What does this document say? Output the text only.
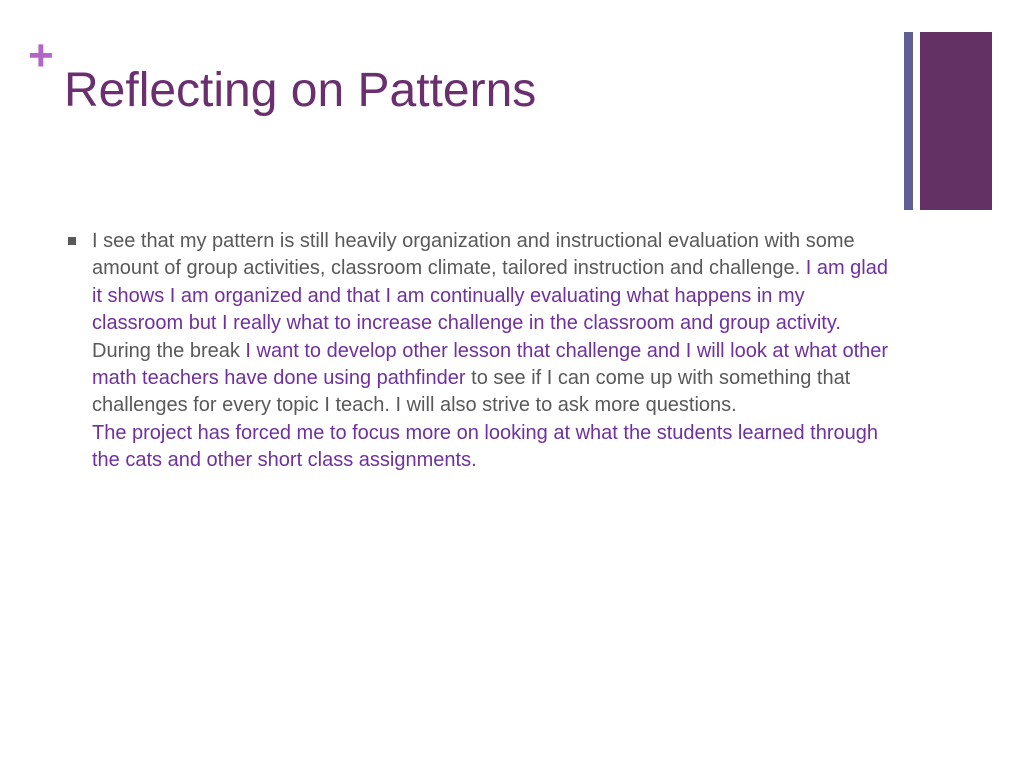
+
Reflecting on Patterns
I see that my pattern is still heavily organization and instructional evaluation with some amount of group activities, classroom climate, tailored instruction and challenge. I am glad it shows I am organized and that I am continually evaluating what happens in my classroom but I really what to increase challenge in the classroom and group activity.
During the break I want to develop other lesson that challenge and I will look at what other math teachers have done using pathfinder to see if I can come up with something that challenges for every topic I teach. I will also strive to ask more questions.
The project has forced me to focus more on looking at what the students learned through the cats and other short class assignments.
